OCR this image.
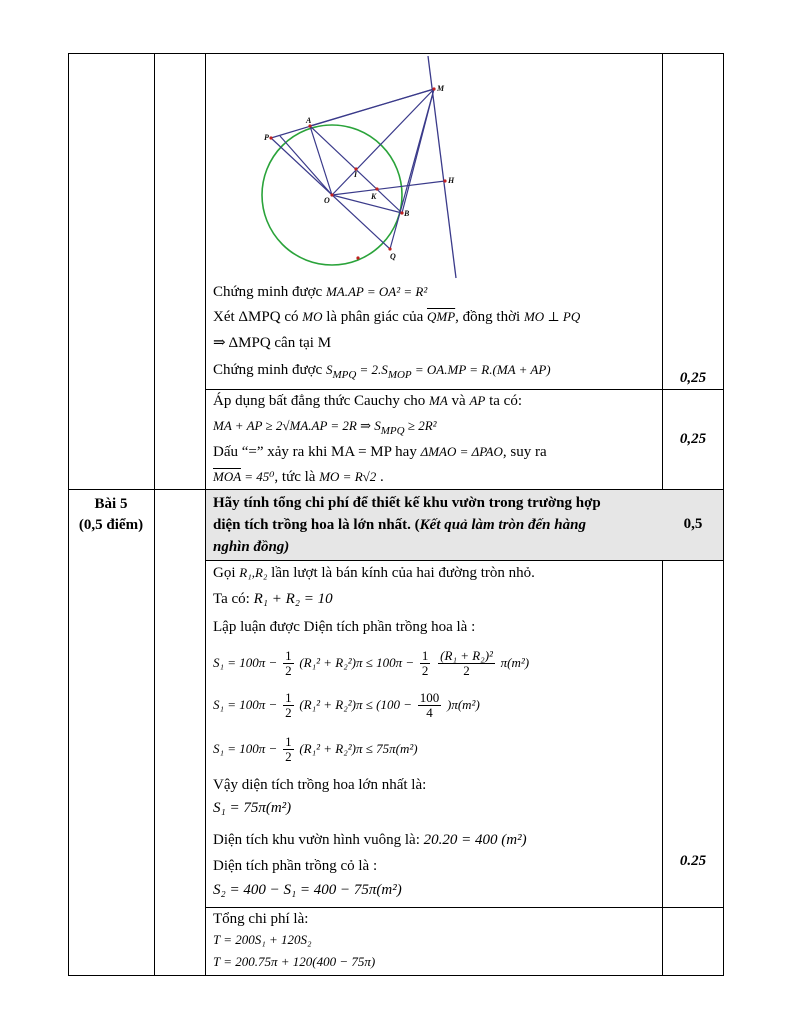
P
A
M
I
O	K
H
B
Q
Chứng minh được MA.AP = OA² = R²
Xét ΔMPQ có MO là phân giác của $\overline{QMP}$, đồng thời MO ⊥ PQ
⇒ ΔMPQ cân tại M
Chứng minh được $S_{MPQ} = 2.S_{MOP} = OA.MP = R.(MA + AP)$
0,25
Áp dụng bất đẳng thức Cauchy cho MA và AP ta có:
MA + AP ≥ 2√MA.AP = 2R ⇒ $S_{MPQ} \ge 2R^2$
Dấu “=” xảy ra khi MA = MP hay ΔMAO = ΔPAO, suy ra
$\overline{MOA} = 45^0$, tức là MO = R√2 .
0,25
Bài 5
(0,5 điểm)
Hãy tính tổng chi phí để thiết kế khu vườn trong trường hợp
diện tích trồng hoa là lớn nhất. (Kết quả làm tròn đến hàng
nghìn đồng)
0,5
Gọi R₁,R₂ lần lượt là bán kính của hai đường tròn nhỏ.
Ta có: R₁ + R₂ = 10
Lập luận được Diện tích phần trồng hoa là :
$S_1 = 100\pi - \frac{1}{2} (R_1^2 + R_2^2)\pi \le 100\pi - \frac{1}{2}$
$\frac{\text{(R₁ + R₂)²}}{2} \pi(m^2)$
$S_1 = 100\pi - \frac{1}{2} (R_1^2 + R_2^2)\pi \le (100 - \frac{100}{4} )\pi(m^2)$
$S_1 = 100\pi - \frac{1}{2} (R_1^2 + R_2^2)\pi \le 75\pi(m^2)$
Vậy diện tích trồng hoa lớn nhất là:
S₁ = 75π(m²)
Diện tích khu vườn hình vuông là: 20.20 = 400 (m²)
Diện tích phần trồng cỏ là :
S₂ = 400 − S₁ = 400 − 75π(m²)
0.25
Tổng chi phí là:
T = 200S₁ + 120S₂
T = 200.75π + 120(400 − 75π)
